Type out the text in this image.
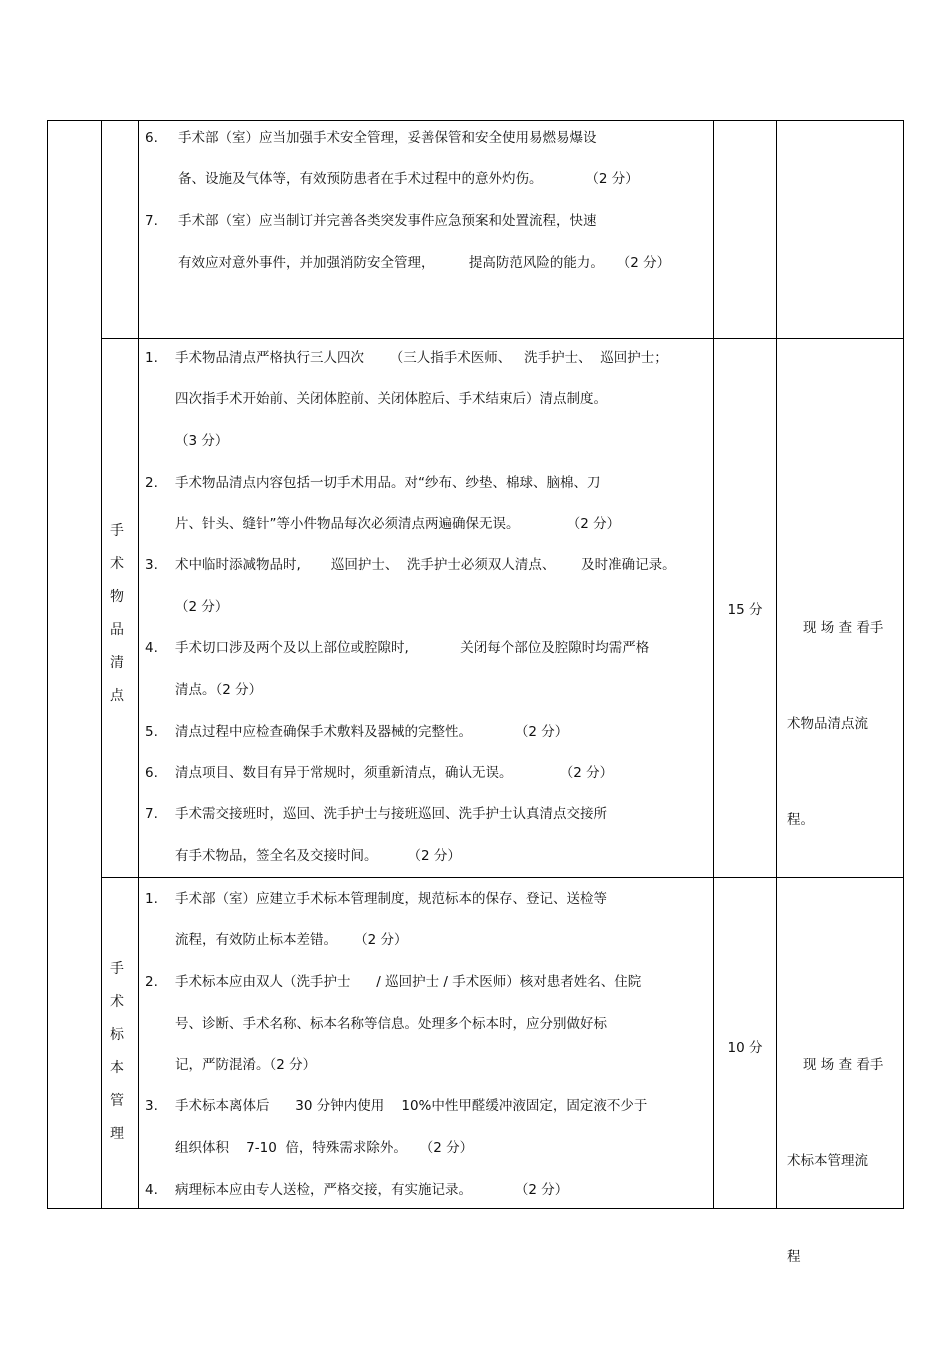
6. 手术部（室）应当加强手术安全管理，妥善保管和安全使用易燃易爆设
备、设施及气体等，有效预防患者在手术过程中的意外灼伤。          （2 分）
7. 手术部（室）应当制订并完善各类突发事件应急预案和处置流程，快速
有效应对意外事件，并加强消防安全管理，        提高防范风险的能力。   （2 分）
手
术
物
品
清
点
1. 手术物品清点严格执行三人四次      （三人指手术医师、   洗手护士、  巡回护士；
四次指手术开始前、关闭体腔前、关闭体腔后、手术结束后）清点制度。
（3 分）
2. 手术物品清点内容包括一切手术用品。对“纱布、纱垫、棉球、脑棉、刀
片、针头、缝针”等小件物品每次必须清点两遍确保无误。           （2 分）
3. 术中临时添减物品时,       巡回护士、  洗手护士必须双人清点、      及时准确记录。
（2 分）
4. 手术切口涉及两个及以上部位或腔隙时,            关闭每个部位及腔隙时均需严格
清点。（2 分）
5. 清点过程中应检查确保手术敷料及器械的完整性。          （2 分）
6. 清点项目、数目有异于常规时，须重新清点，确认无误。           （2 分）
7. 手术需交接班时，巡回、洗手护士与接班巡回、洗手护士认真清点交接所
有手术物品，签全名及交接时间。       （2 分）
15 分

现 场 查 看手

术物品清点流

程。

手
术
标
本
管
理
1. 手术部（室）应建立手术标本管理制度，规范标本的保存、登记、送检等
流程，有效防止标本差错。    （2 分）
2. 手术标本应由双人（洗手护士      / 巡回护士 / 手术医师）核对患者姓名、住院
号、诊断、手术名称、标本名称等信息。处理多个标本时，应分别做好标
记，严防混淆。（2 分）
3. 手术标本离体后      30 分钟内使用    10%中性甲醛缓冲液固定，固定液不少于
组织体积    7-10  倍，特殊需求除外。   （2 分）
4. 病理标本应由专人送检，严格交接，有实施记录。          （2 分）
10 分

现 场 查 看手

术标本管理流

程
